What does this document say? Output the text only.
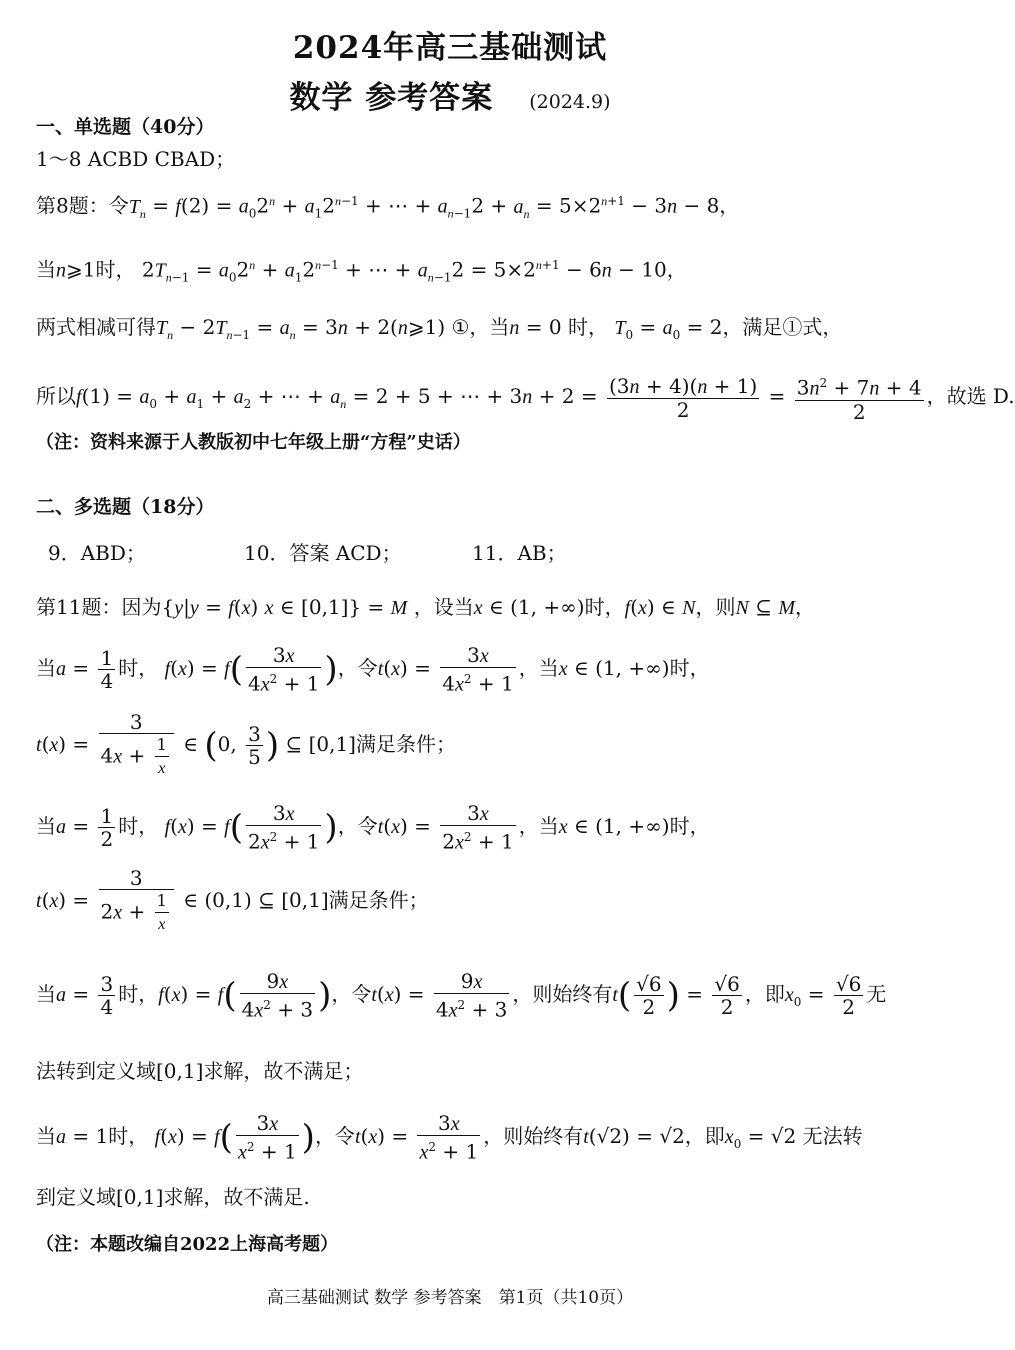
2024年高三基础测试
数学 参考答案 (2024.9)
一、单选题（40分）
1～8 ACBD CBAD；
第8题：令$T_n = f(2) = a_02^n + a_12^{n-1}$ + ⋯ + $a_{n-1}2 + a_n = 5\times 2^{n+1} - 3n - 8$，
当n⩾1时， $2T_{n-1} = a_02^n + a_12^{n-1}$ + ⋯ + $a_{n-1}2 = 5\times 2^{n+1} - 6n - 10$，
两式相减可得$T_n - 2T_{n-1} = a_n = 3n$ + 2(n⩾1) ①，当n = 0 时， $T_0 = a_0 = 2$，满足①式，
所以$f(1) = a_0 + a_1 + a_2$ + ⋯ + $a_n = 2 + 5$ + ⋯ + $3n + 2 = \frac{(3n + 4)(n + 1)}{2} = \frac{3n^2 + 7n + 4}{2}$ ，故选 D.
（注：资料来源于人教版初中七年级上册“方程”史话）
二、多选题（18分）
9．ABD；	10．答案 ACD；	11．AB；
第11题：因为{y|y = f(x) x ∈ [0,1]} = M ，设当x ∈ (1, +∞)时，f(x) ∈ N，则N ⊆ M，
当$a = \frac{1}{4}$ 时， $f(x) = f( \frac{3x}{4x^2 + 1}$ )，令$t(x) = \frac{3x}{4x^2 + 1}$ ，当x ∈ (1, +∞)时，
$t(x) = \frac{3}{4x + \frac{1}{x}}$ ∈ (0, $\frac{3}{5}$ ) ⊆ [0,1]满足条件；
当$a = \frac{1}{2}$ 时， $f(x) = f( \frac{3x}{2x^2 + 1}$ )，令$t(x) = \frac{3x}{2x^2 + 1}$ ，当x ∈ (1, +∞)时，
$t(x) = \frac{3}{2x + \frac{1}{x}}$ ∈ (0,1) ⊆ [0,1]满足条件；
当$a = \frac{3}{4}$ 时，$f(x) = f( \frac{9x}{4x^2 + 3}$ )，令$t(x) = \frac{9x}{4x^2 + 3}$ ，则始终有$t( \frac{√6}{2}$ ) = $\frac{√6}{2}$ ，即$x_0 = \frac{√6}{2}$ 无
法转到定义域[0,1]求解，故不满足；
当a = 1时， $f(x) = f( \frac{3x}{x^2 + 1}$ )，令$t(x) = \frac{3x}{x^2 + 1}$ ，则始终有t(√2) = √2，即$x_0 = √2$ 无法转
到定义域[0,1]求解，故不满足.
（注：本题改编自2022上海高考题）
高三基础测试 数学 参考答案　第1页（共10页）
